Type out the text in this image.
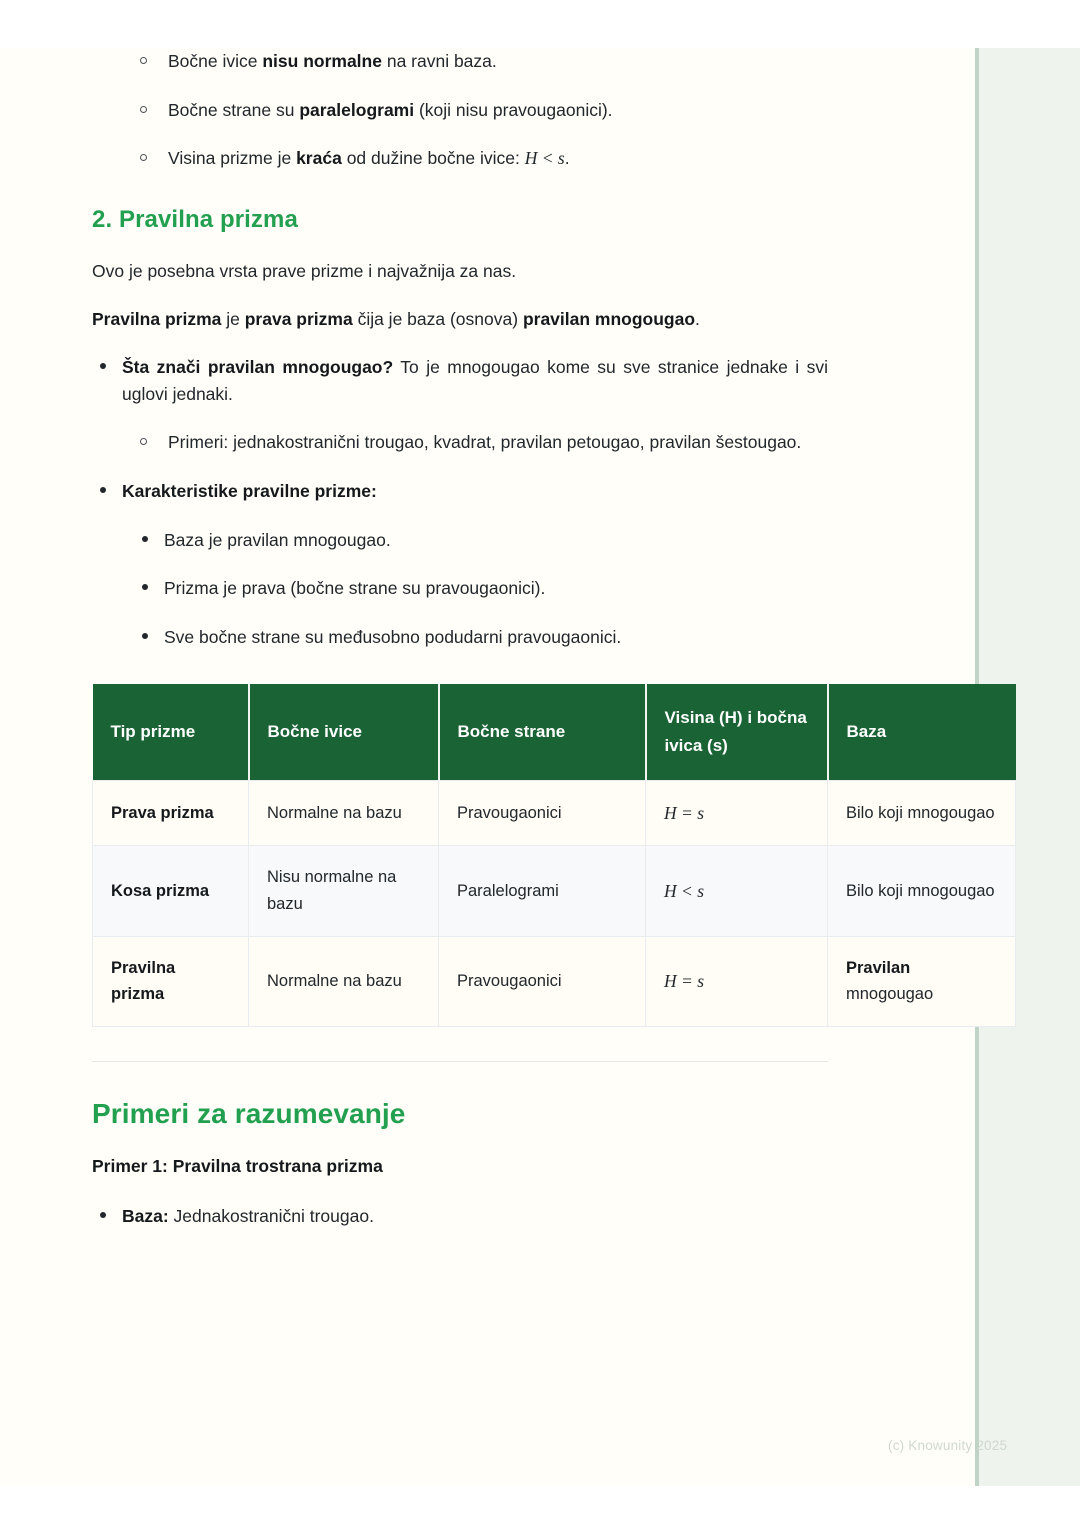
Bočne ivice nisu normalne na ravni baza.
Bočne strane su paralelogrami (koji nisu pravougaonici).
Visina prizme je kraća od dužine bočne ivice: H < s.
2. Pravilna prizma

Ovo je posebna vrsta prave prizme i najvažnija za nas.

Pravilna prizma je prava prizma čija je baza (osnova) pravilan mnogougao.

Šta znači pravilan mnogougao? To je mnogougao kome su sve stranice jednake i svi uglovi jednaki.
Primeri: jednakostranični trougao, kvadrat, pravilan petougao, pravilan šestougao.
Karakteristike pravilne prizme:
Baza je pravilan mnogougao.
Prizma je prava (bočne strane su pravougaonici).
Sve bočne strane su međusobno podudarni pravougaonici.
Tip prizme	Bočne ivice	Bočne strane	Visina (H) i bočna ivica (s)	Baza
Prava prizma	Normalne na bazu	Pravougaonici	H = s	Bilo koji mnogougao
Kosa prizma	Nisu normalne na bazu	Paralelogrami	H < s	Bilo koji mnogougao
Pravilna prizma	Normalne na bazu	Pravougaonici	H = s	Pravilan mnogougao
Primeri za razumevanje

Primer 1: Pravilna trostrana prizma

Baza: Jednakostranični trougao.
(c) Knowunity 2025
